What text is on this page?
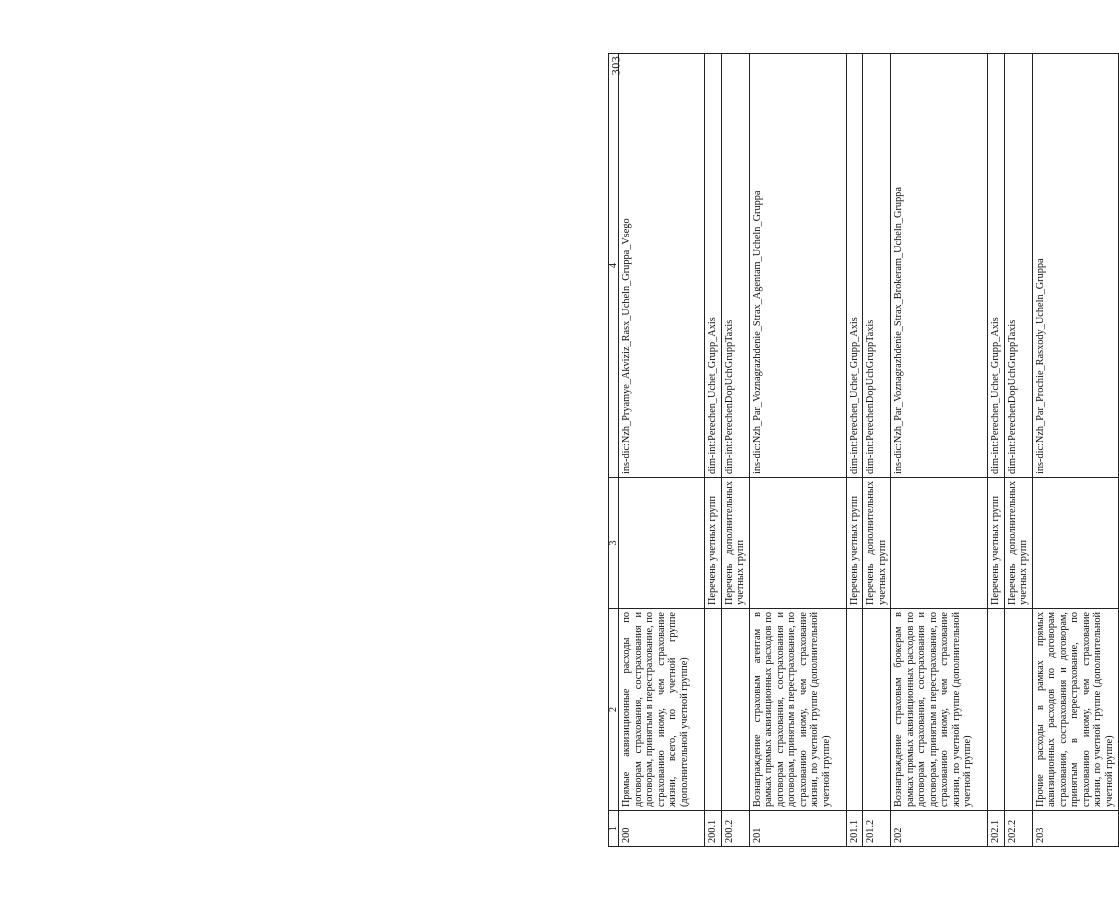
303
1	2	3	4
200	Прямые аквизиционные расходы по договорам страхования, сострахования и договорам, принятым в перестрахование, по страхованию иному, чем страхование жизни, всего, по учетной группе (дополнительной учетной группе)		ins-dic:Nzh_Pryamye_Akviziz_Rasx_Ucheln_Gruppa_Vsego
200.1		Перечень учетных групп	dim-int:Perechen_Uchet_Grupp_Axis
200.2		Перечень дополнительных учетных групп	dim-int:PerechenDopUchGruppTaxis
201	Вознаграждение страховым агентам в рамках прямых аквизиционных расходов по договорам страхования, сострахования и договорам, принятым в перестрахование, по страхованию иному, чем страхование жизни, по учетной группе (дополнительной учетной группе)		ins-dic:Nzh_Par_Voznagrazhdenie_Strax_Agentam_Ucheln_Gruppa
201.1		Перечень учетных групп	dim-int:Perechen_Uchet_Grupp_Axis
201.2		Перечень дополнительных учетных групп	dim-int:PerechenDopUchGruppTaxis
202	Вознаграждение страховым брокерам в рамках прямых аквизиционных расходов по договорам страхования, сострахования и договорам, принятым в перестрахование, по страхованию иному, чем страхование жизни, по учетной группе (дополнительной учетной группе)		ins-dic:Nzh_Par_Voznagrazhdenie_Strax_Brokeram_Ucheln_Gruppa
202.1		Перечень учетных групп	dim-int:Perechen_Uchet_Grupp_Axis
202.2		Перечень дополнительных учетных групп	dim-int:PerechenDopUchGruppTaxis
203	Прочие расходы в рамках прямых аквизиционных расходов по договорам страхования, сострахования и договорам, принятым в перестрахование, по страхованию иному, чем страхование жизни, по учетной группе (дополнительной учетной группе)		ins-dic:Nzh_Par_Prochie_Rasxody_Ucheln_Gruppa
